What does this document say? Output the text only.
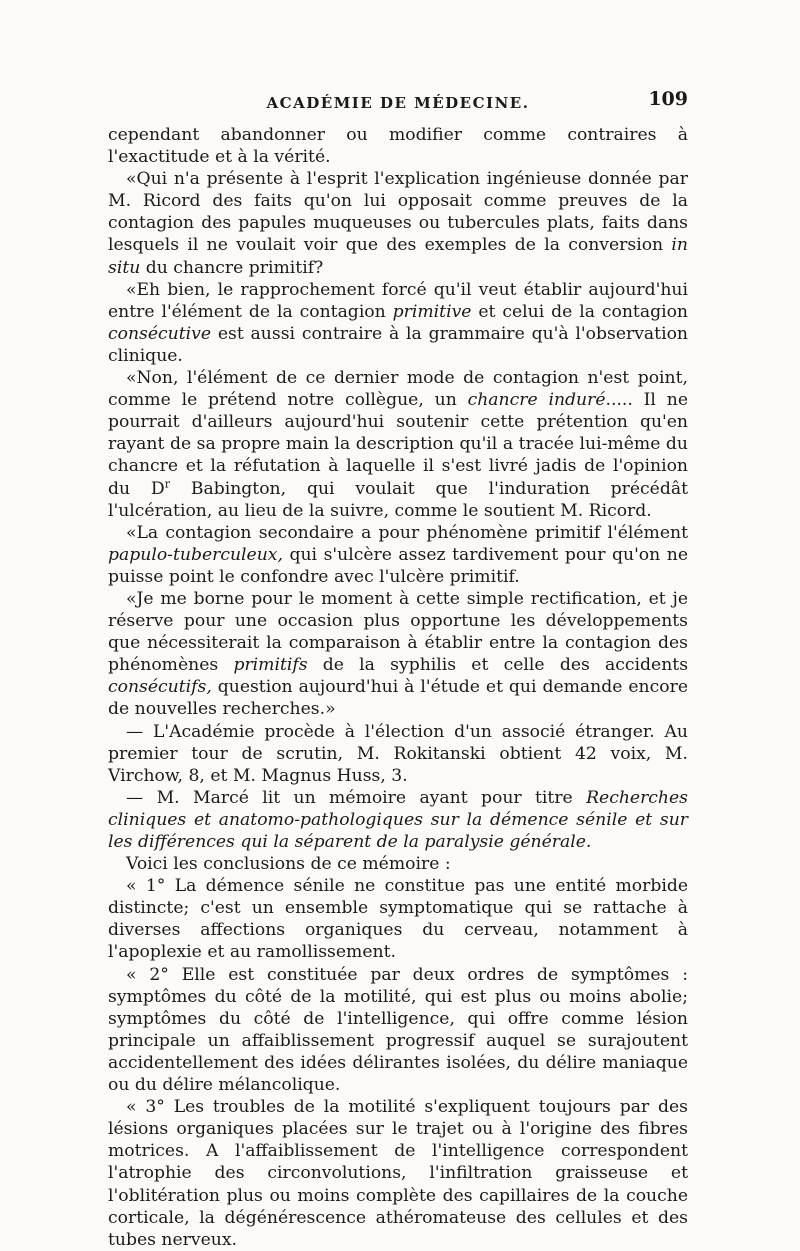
ACADÉMIE DE MÉDECINE.	109

cependant abandonner ou modifier comme contraires à l'exactitude et à la vérité.

«Qui n'a présente à l'esprit l'explication ingénieuse donnée par M. Ricord des faits qu'on lui opposait comme preuves de la contagion des papules muqueuses ou tubercules plats, faits dans lesquels il ne voulait voir que des exemples de la conversion in situ du chancre primitif?

«Eh bien, le rapprochement forcé qu'il veut établir aujourd'hui entre l'élément de la contagion primitive et celui de la contagion consécutive est aussi contraire à la grammaire qu'à l'observation clinique.

«Non, l'élément de ce dernier mode de contagion n'est point, comme le prétend notre collègue, un chancre induré..... Il ne pourrait d'ailleurs aujourd'hui soutenir cette prétention qu'en rayant de sa propre main la description qu'il a tracée lui-même du chancre et la réfutation à laquelle il s'est livré jadis de l'opinion du $D^r$ Babington, qui voulait que l'induration précédât l'ulcération, au lieu de la suivre, comme le soutient M. Ricord.

«La contagion secondaire a pour phénomène primitif l'élément papulo-tuberculeux, qui s'ulcère assez tardivement pour qu'on ne puisse point le confondre avec l'ulcère primitif.

«Je me borne pour le moment à cette simple rectification, et je réserve pour une occasion plus opportune les développements que nécessiterait la comparaison à établir entre la contagion des phénomènes primitifs de la syphilis et celle des accidents consécutifs, question aujourd'hui à l'étude et qui demande encore de nouvelles recherches.»

— L'Académie procède à l'élection d'un associé étranger. Au premier tour de scrutin, M. Rokitanski obtient 42 voix, M. Virchow, 8, et M. Magnus Huss, 3.

— M. Marcé lit un mémoire ayant pour titre Recherches cliniques et anatomo-pathologiques sur la démence sénile et sur les différences qui la séparent de la paralysie générale.

Voici les conclusions de ce mémoire :

« 1° La démence sénile ne constitue pas une entité morbide distincte; c'est un ensemble symptomatique qui se rattache à diverses affections organiques du cerveau, notamment à l'apoplexie et au ramollissement.

« 2° Elle est constituée par deux ordres de symptômes : symptômes du côté de la motilité, qui est plus ou moins abolie; symptômes du côté de l'intelligence, qui offre comme lésion principale un affaiblissement progressif auquel se surajoutent accidentellement des idées délirantes isolées, du délire maniaque ou du délire mélancolique.

« 3° Les troubles de la motilité s'expliquent toujours par des lésions organiques placées sur le trajet ou à l'origine des fibres motrices. A l'affaiblissement de l'intelligence correspondent l'atrophie des circonvolutions, l'infiltration graisseuse et l'oblitération plus ou moins complète des capillaires de la couche corticale, la dégénérescence athéromateuse des cellules et des tubes nerveux.
